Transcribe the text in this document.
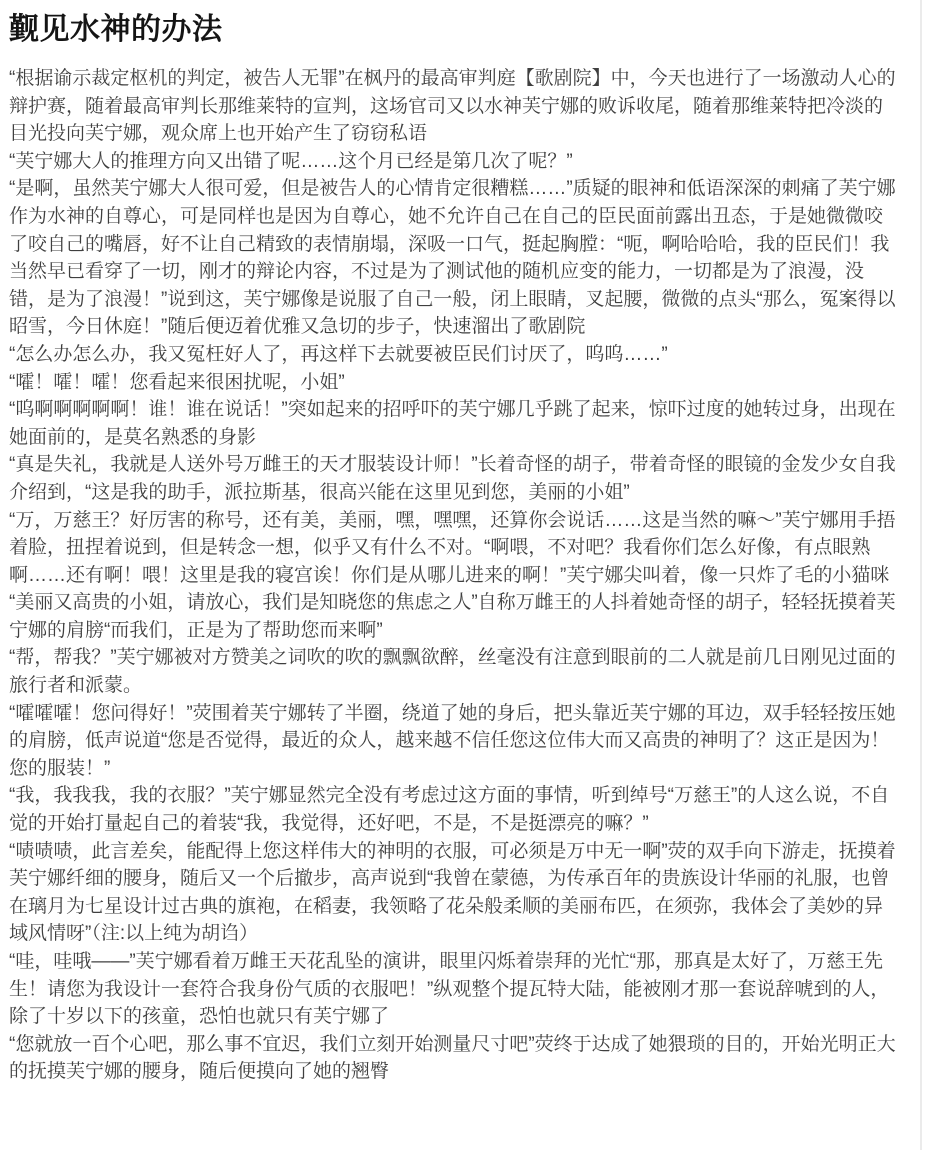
觐见水神的办法

“根据谕示裁定枢机的判定，被告人无罪”在枫丹的最高审判庭【歌剧院】中，今天也进行了一场激动人心的辩护赛，随着最高审判长那维莱特的宣判，这场官司又以水神芙宁娜的败诉收尾，随着那维莱特把冷淡的目光投向芙宁娜，观众席上也开始产生了窃窃私语

“芙宁娜大人的推理方向又出错了呢……这个月已经是第几次了呢？”

“是啊，虽然芙宁娜大人很可爱，但是被告人的心情肯定很糟糕……”质疑的眼神和低语深深的刺痛了芙宁娜作为水神的自尊心，可是同样也是因为自尊心，她不允许自己在自己的臣民面前露出丑态，于是她微微咬了咬自己的嘴唇，好不让自己精致的表情崩塌，深吸一口气，挺起胸膛：“呃，啊哈哈哈，我的臣民们！我当然早已看穿了一切，刚才的辩论内容，不过是为了测试他的随机应变的能力，一切都是为了浪漫，没错，是为了浪漫！”说到这，芙宁娜像是说服了自己一般，闭上眼睛，叉起腰，微微的点头“那么，冤案得以昭雪，今日休庭！”随后便迈着优雅又急切的步子，快速溜出了歌剧院

“怎么办怎么办，我又冤枉好人了，再这样下去就要被臣民们讨厌了，呜呜……”

“嚯！嚯！嚯！您看起来很困扰呢，小姐”

“呜啊啊啊啊啊！谁！谁在说话！”突如起来的招呼吓的芙宁娜几乎跳了起来，惊吓过度的她转过身，出现在她面前的，是莫名熟悉的身影

“真是失礼，我就是人送外号万雌王的天才服装设计师！”长着奇怪的胡子，带着奇怪的眼镜的金发少女自我介绍到，“这是我的助手，派拉斯基，很高兴能在这里见到您，美丽的小姐”

“万，万慈王？好厉害的称号，还有美，美丽，嘿，嘿嘿，还算你会说话……这是当然的嘛～”芙宁娜用手捂着脸，扭捏着说到，但是转念一想，似乎又有什么不对。“啊喂，不对吧？我看你们怎么好像，有点眼熟啊……还有啊！喂！这里是我的寝宫诶！你们是从哪儿进来的啊！”芙宁娜尖叫着，像一只炸了毛的小猫咪

“美丽又高贵的小姐，请放心，我们是知晓您的焦虑之人”自称万雌王的人抖着她奇怪的胡子，轻轻抚摸着芙宁娜的肩膀“而我们，正是为了帮助您而来啊”

“帮，帮我？”芙宁娜被对方赞美之词吹的吹的飘飘欲醉，丝毫没有注意到眼前的二人就是前几日刚见过面的旅行者和派蒙。

“嚯嚯嚯！您问得好！”荧围着芙宁娜转了半圈，绕道了她的身后，把头靠近芙宁娜的耳边，双手轻轻按压她的肩膀，低声说道“您是否觉得，最近的众人，越来越不信任您这位伟大而又高贵的神明了？这正是因为！您的服装！”

“我，我我我，我的衣服？”芙宁娜显然完全没有考虑过这方面的事情，听到绰号“万慈王”的人这么说，不自觉的开始打量起自己的着装“我，我觉得，还好吧，不是，不是挺漂亮的嘛？”

“啧啧啧，此言差矣，能配得上您这样伟大的神明的衣服，可必须是万中无一啊”荧的双手向下游走，抚摸着芙宁娜纤细的腰身，随后又一个后撤步，高声说到“我曾在蒙德，为传承百年的贵族设计华丽的礼服，也曾在璃月为七星设计过古典的旗袍，在稻妻，我领略了花朵般柔顺的美丽布匹，在须弥，我体会了美妙的异域风情呀”（注:以上纯为胡诌）

“哇，哇哦——”芙宁娜看着万雌王天花乱坠的演讲，眼里闪烁着崇拜的光忙“那，那真是太好了，万慈王先生！请您为我设计一套符合我身份气质的衣服吧！”纵观整个提瓦特大陆，能被刚才那一套说辞唬到的人，除了十岁以下的孩童，恐怕也就只有芙宁娜了

“您就放一百个心吧，那么事不宜迟，我们立刻开始测量尺寸吧”荧终于达成了她猥琐的目的，开始光明正大的抚摸芙宁娜的腰身，随后便摸向了她的翘臀
